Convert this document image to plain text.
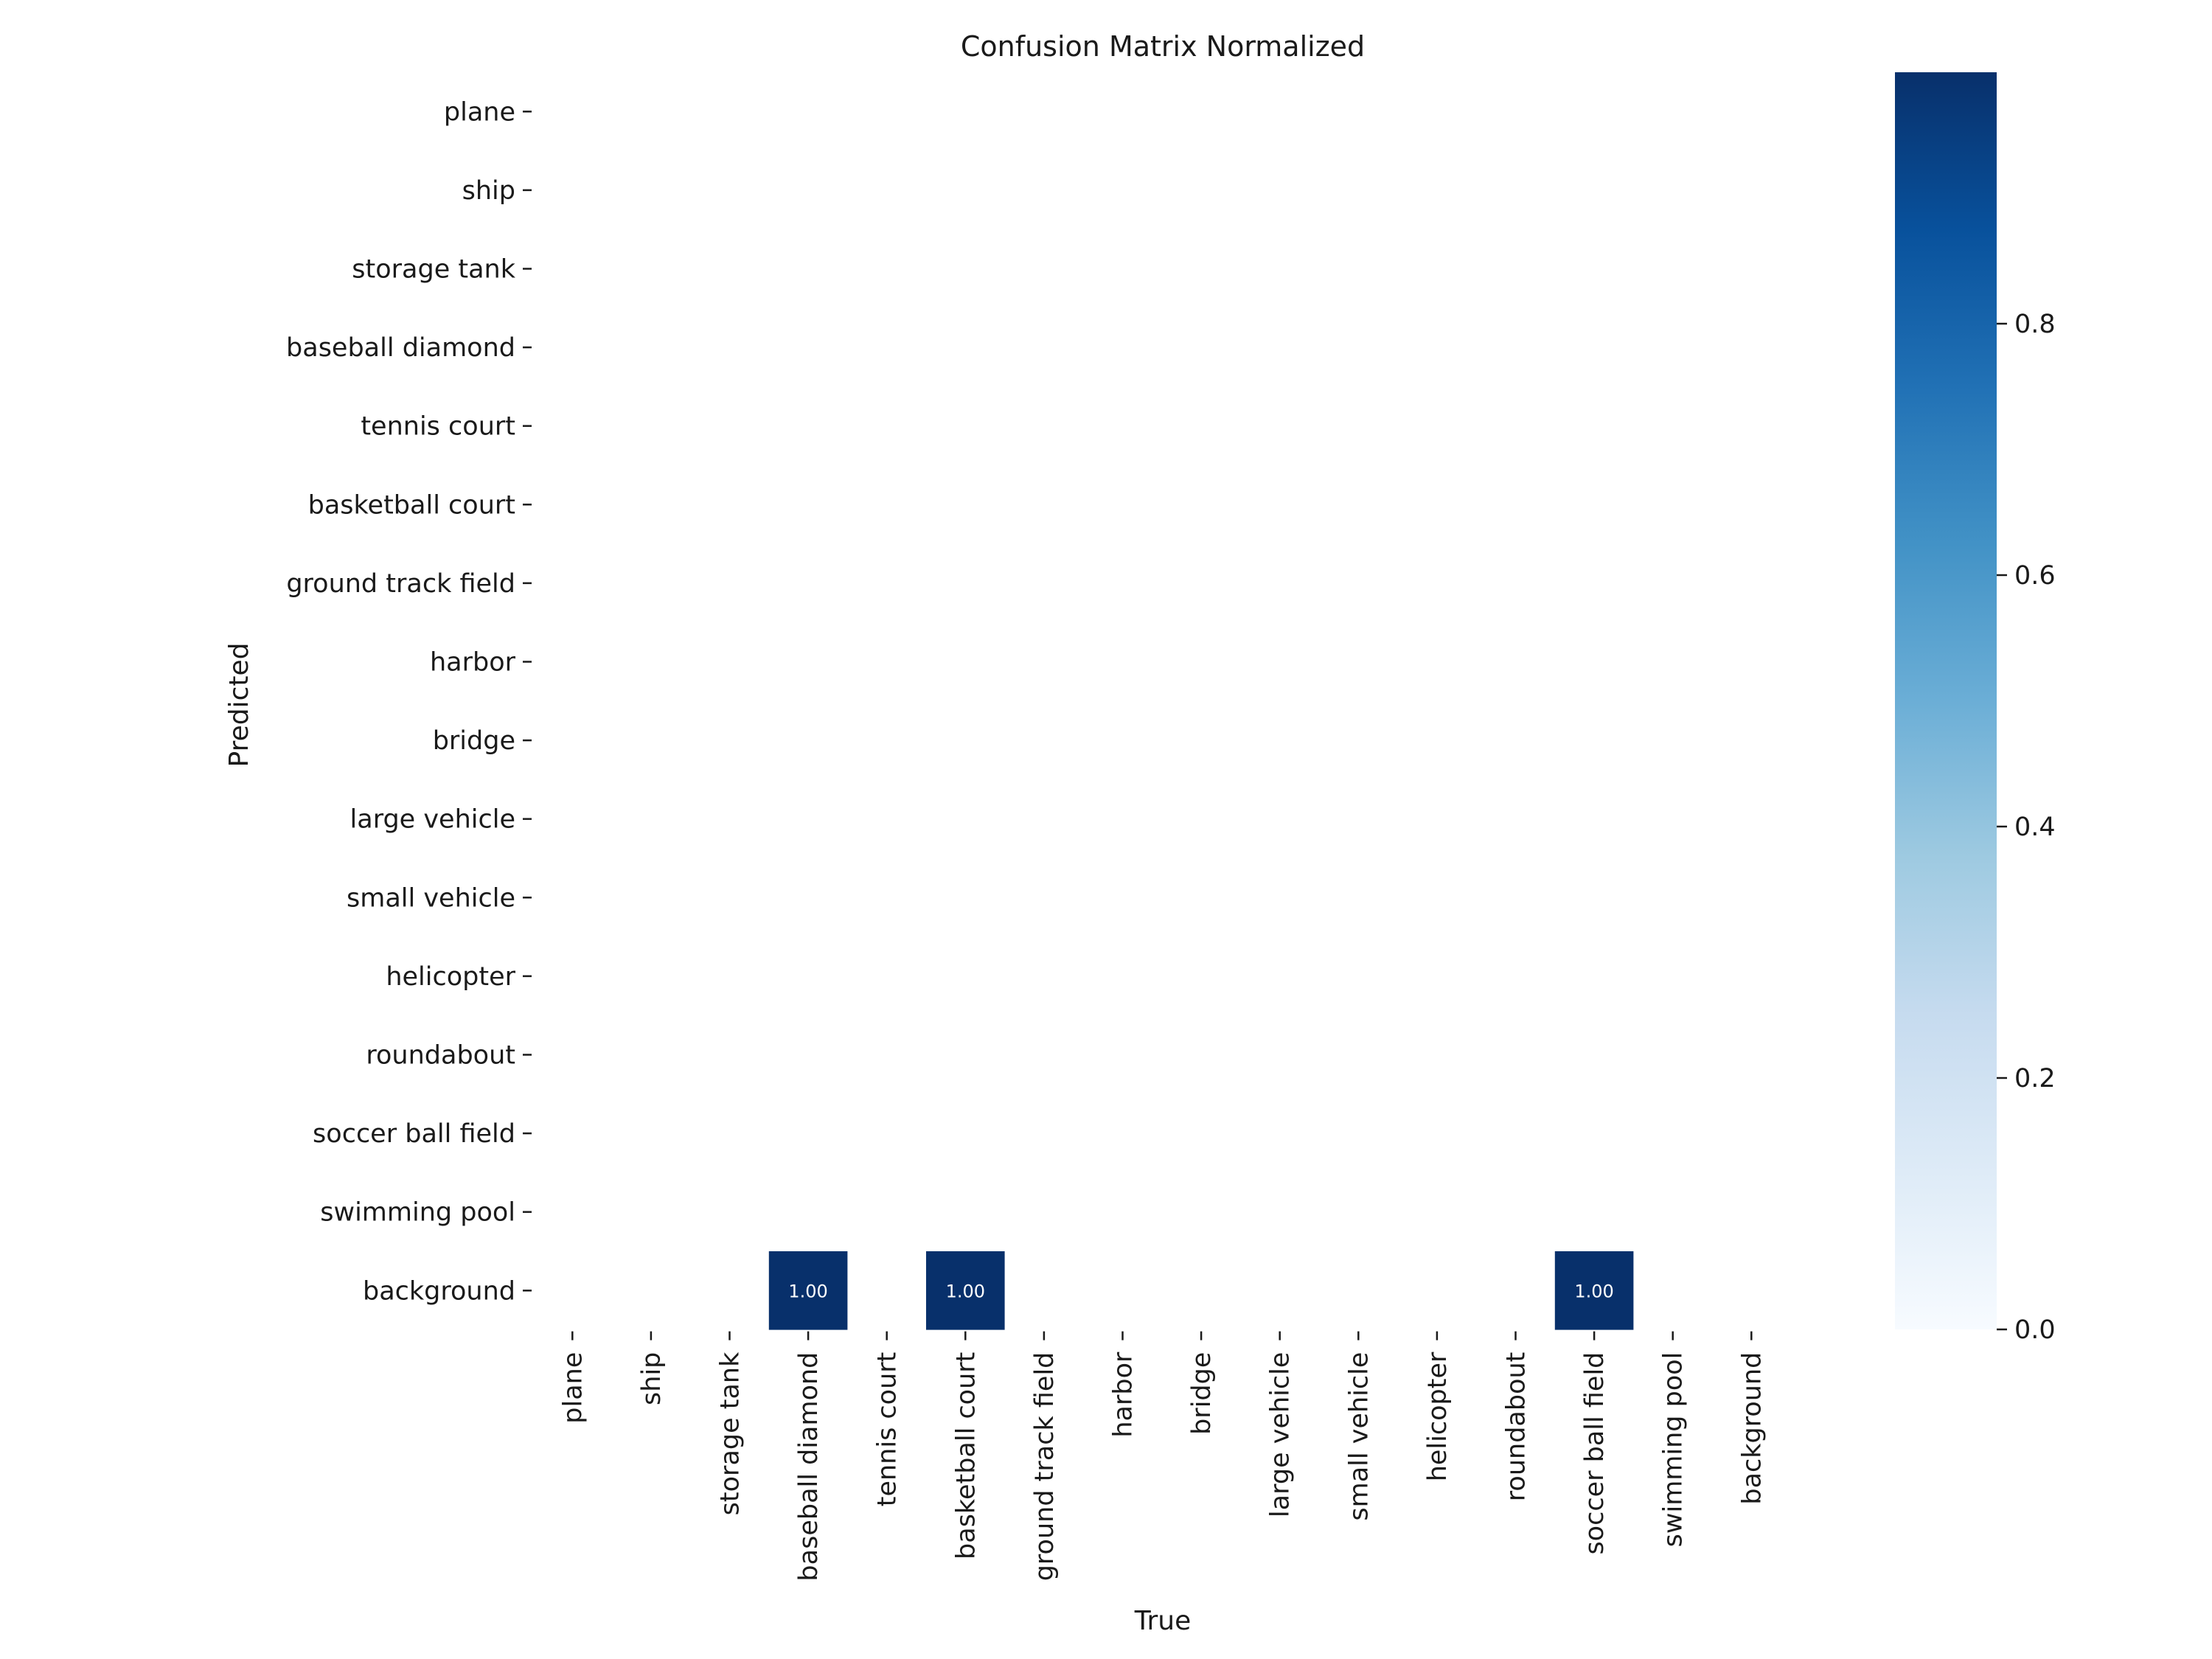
Confusion Matrix Normalized
1.00	1.00	1.00
plane
ship
storage tank
baseball diamond
tennis court
basketball court
ground track field
harbor
bridge
large vehicle
small vehicle
helicopter
roundabout
soccer ball field
swimming pool
background
plane ship storage tank baseball diamond tennis court basketball court ground track field harbor bridge large vehicle small vehicle helicopter roundabout soccer ball field swimming pool background
True
Predicted
0.0
0.2
0.4
0.6
0.8
